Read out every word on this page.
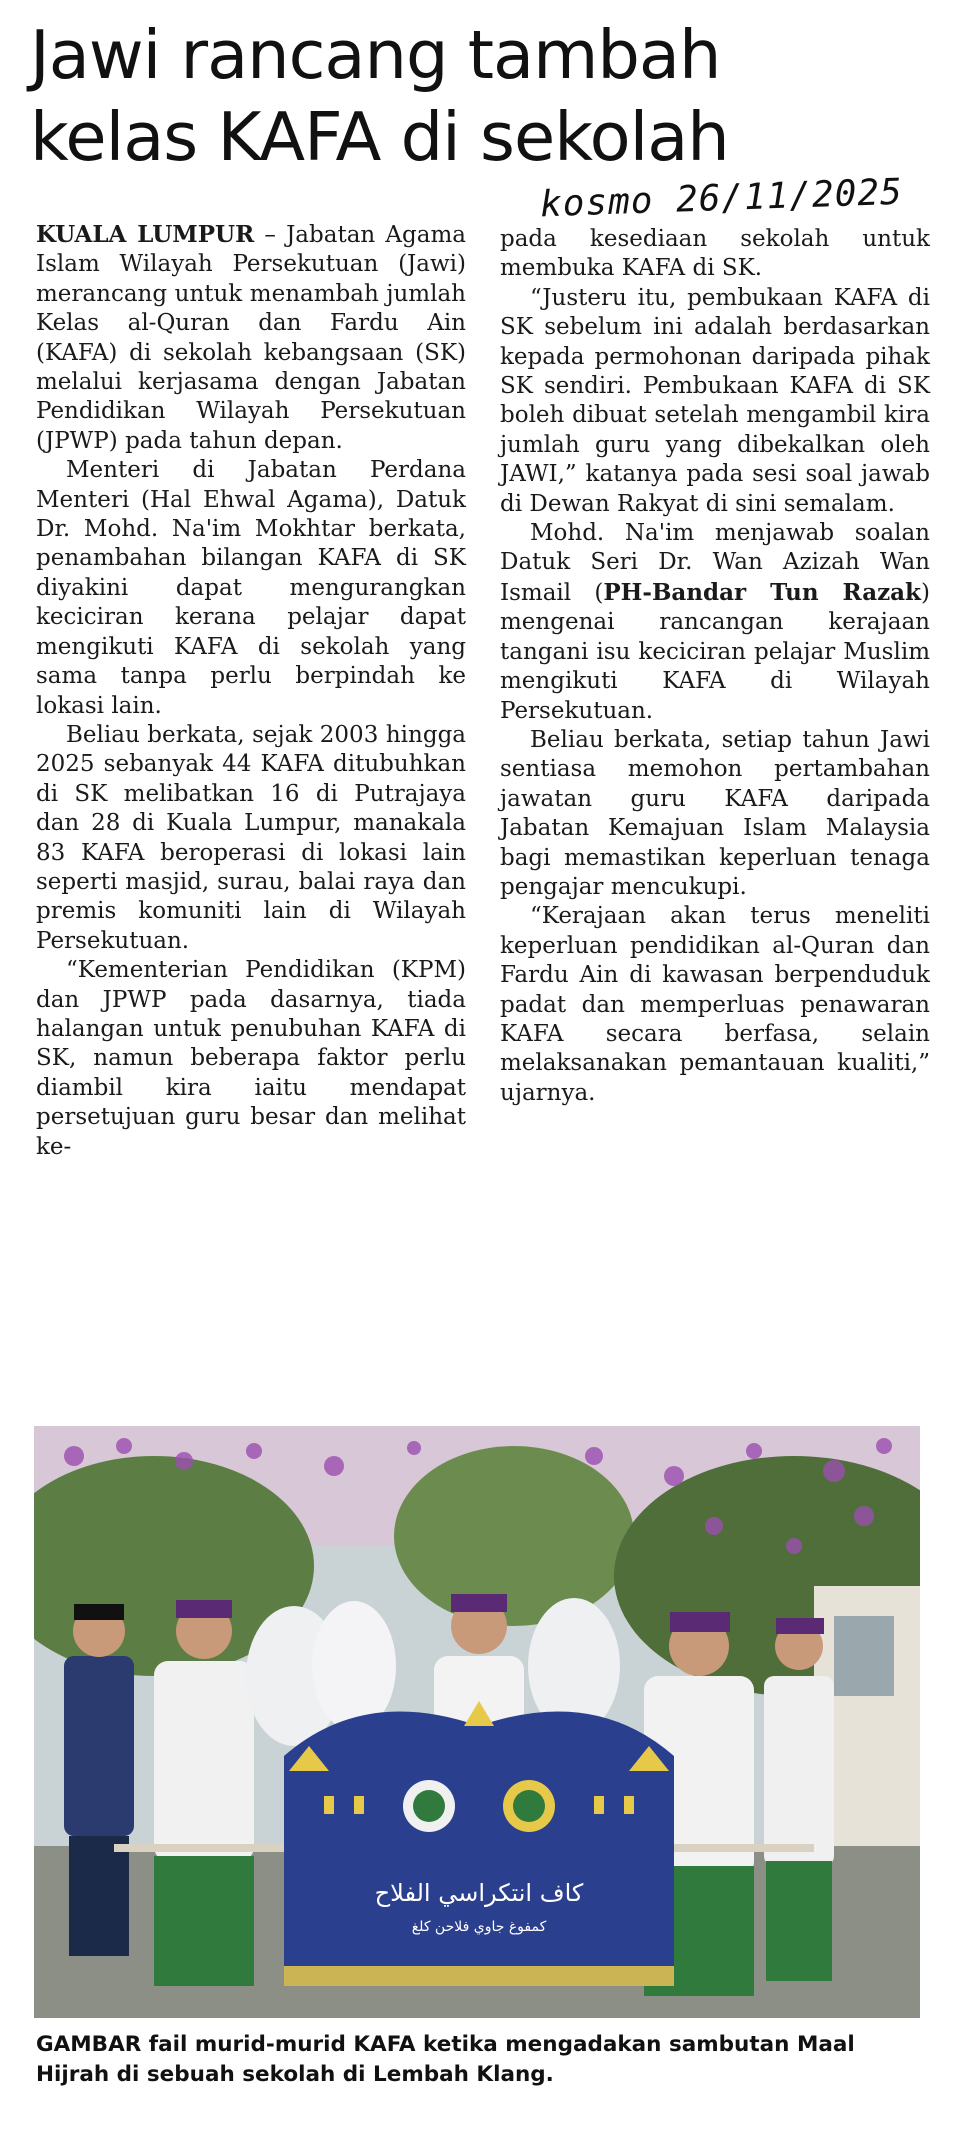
Jawi rancang tambah
kelas KAFA di sekolah
kosmo 26/11/2025

KUALA LUMPUR – Jabatan Agama Islam Wilayah Persekutuan (Jawi) merancang untuk menambah jumlah Kelas al-Quran dan Fardu Ain (KAFA) di sekolah kebangsaan (SK) melalui kerjasama dengan Jabatan Pendidikan Wilayah Persekutuan (JPWP) pada tahun depan.

Menteri di Jabatan Perdana Menteri (Hal Ehwal Agama), Datuk Dr. Mohd. Na'im Mokhtar berkata, penambahan bilangan KAFA di SK diyakini dapat mengurangkan keciciran kerana pelajar dapat mengikuti KAFA di sekolah yang sama tanpa perlu berpindah ke lokasi lain.

Beliau berkata, sejak 2003 hingga 2025 sebanyak 44 KAFA ditubuhkan di SK melibatkan 16 di Putrajaya dan 28 di Kuala Lumpur, manakala 83 KAFA beroperasi di lokasi lain seperti masjid, surau, balai raya dan premis komuniti lain di Wilayah Persekutuan.

“Kementerian Pendidikan (KPM) dan JPWP pada dasarnya, tiada halangan untuk penubuhan KAFA di SK, namun beberapa faktor perlu diambil kira iaitu mendapat persetujuan guru besar dan melihat ke-

pada kesediaan sekolah untuk membuka KAFA di SK.

“Justeru itu, pembukaan KAFA di SK sebelum ini adalah berdasarkan kepada permohonan daripada pihak SK sendiri. Pembukaan KAFA di SK boleh dibuat setelah mengambil kira jumlah guru yang dibekalkan oleh JAWI,” katanya pada sesi soal jawab di Dewan Rakyat di sini semalam.

Mohd. Na'im menjawab soalan Datuk Seri Dr. Wan Azizah Wan Ismail (PH-Bandar Tun Razak) mengenai rancangan kerajaan tangani isu keciciran pelajar Muslim mengikuti KAFA di Wilayah Persekutuan.

Beliau berkata, setiap tahun Jawi sentiasa memohon pertambahan jawatan guru KAFA daripada Jabatan Kemajuan Islam Malaysia bagi memastikan keperluan tenaga pengajar mencukupi.

“Kerajaan akan terus meneliti keperluan pendidikan al-Quran dan Fardu Ain di kawasan berpenduduk padat dan memperluas penawaran KAFA secara berfasa, selain melaksanakan pemantauan kualiti,” ujarnya.

كاف انتكراسي الفلاح
كمفوغ جاوي فلاحن كلغ
GAMBAR fail murid-murid KAFA ketika mengadakan sambutan Maal Hijrah di sebuah sekolah di Lembah Klang.
